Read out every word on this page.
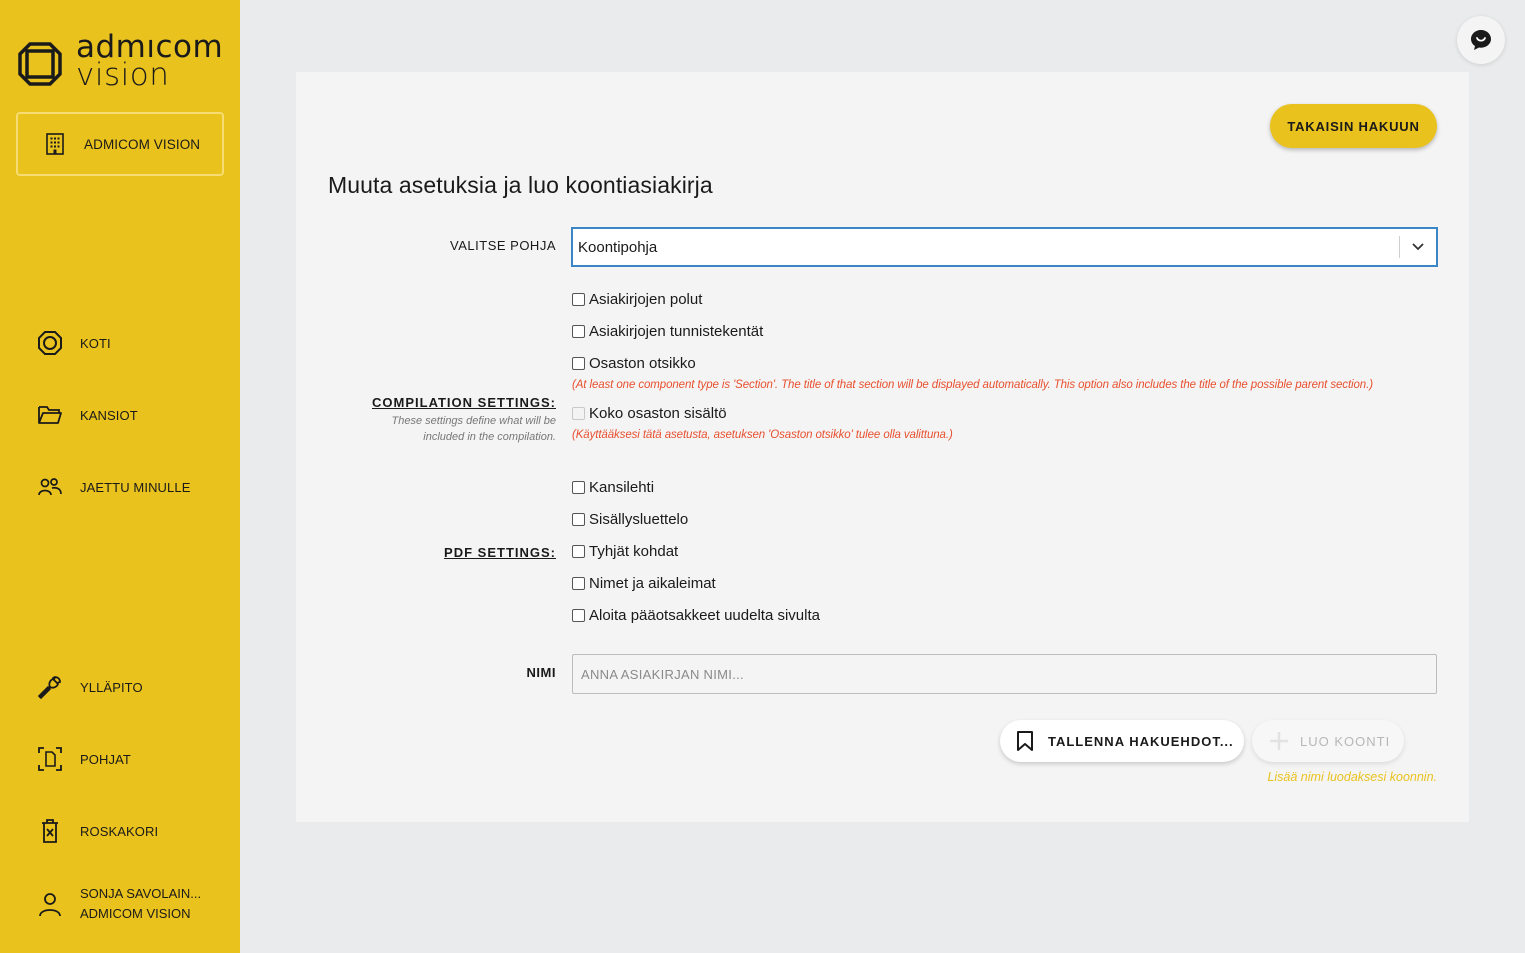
admıcom
vision
ADMICOM VISION
KOTI
KANSIOT
JAETTU MINULLE
YLLÄPITO
POHJAT
ROSKAKORI
SONJA SAVOLAIN...
ADMICOM VISION
TAKAISIN HAKUUN
Muuta asetuksia ja luo koontiasiakirja
VALITSE POHJA	Koontipohja
Asiakirjojen polut
Asiakirjojen tunnistekentät
Osaston otsikko
(At least one component type is 'Section'. The title of that section will be displayed automatically. This option also includes the title of the possible parent section.)
COMPILATION SETTINGS:
These settings define what will be included in the compilation.
Koko osaston sisältö
(Käyttääksesi tätä asetusta, asetuksen 'Osaston otsikko' tulee olla valittuna.)
Kansilehti
Sisällysluettelo
PDF SETTINGS: Tyhjät kohdat
Nimet ja aikaleimat
Aloita pääotsakkeet uudelta sivulta
NIMI
ANNA ASIAKIRJAN NIMI...
TALLENNA HAKUEHDOT...	LUO KOONTI
Lisää nimi luodaksesi koonnin.
